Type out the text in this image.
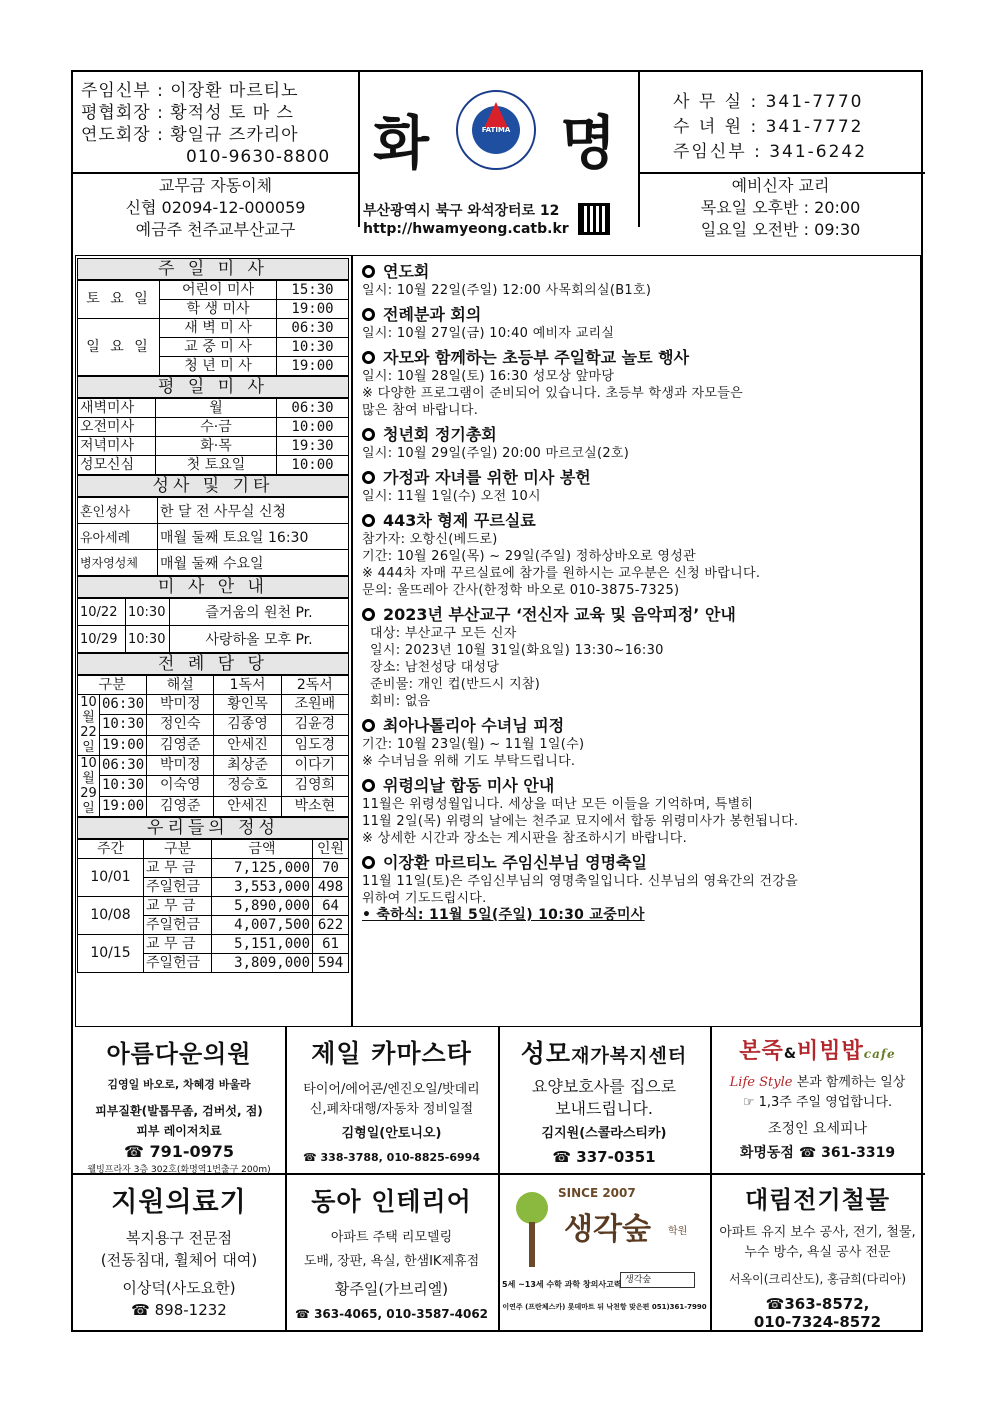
주임신부 : 이장환 마르티노
평협회장 : 황적성 토 마 스
연도회장 : 황일규 즈카리아
010-9630-8800 화	FATIMA 명
사 무 실 : 341-7770
수 녀 원 : 341-7772
주임신부 : 341-6242
교무금 자동이체
신협 02094-12-000059
예금주 천주교부산교구
부산광역시 북구 와석장터로 12
http://hwamyeong.catb.kr
예비신자 교리
목요일 오후반 : 20:00
일요일 오전반 : 09:30
주 일 미 사
토 요 일	어린이 미사	15:30
	학 생 미사	19:00
일 요 일	새 벽 미 사	06:30
	교 중 미 사	10:30
	청 년 미 사	19:00
평 일 미 사
새벽미사	월	06:30
오전미사	수·금	10:00
저녁미사	화·목	19:30
성모신심	첫 토요일	10:00
성사 및 기타
혼인성사	한 달 전 사무실 신청
유아세례	매월 둘째 토요일 16:30
병자영성체	매월 둘째 수요일
미 사 안 내
10/22	10:30	즐거움의 원천 Pr.
10/29	10:30	사랑하올 모후 Pr.
전 례 담 당
구분		해설	1독서	2독서
10월22일	06:30	박미정	황인목	조원배
	10:30	정인숙	김종영	김윤경
	19:00	김영준	안세진	임도경
10월29일	06:30	박미정	최상준	이다기
	10:30	이숙영	정승호	김영희
	19:00	김영준	안세진	박소현
우리들의 정성
주간	구분	금액	인원
10/01	교 무 금	7,125,000	70
	주일헌금	3,553,000	498
10/08	교 무 금	5,890,000	64
	주일헌금	4,007,500	622
10/15	교 무 금	5,151,000	61
	주일헌금	3,809,000	594
연도회

일시: 10월 22일(주일) 12:00 사목회의실(B1호)

전례분과 회의

일시: 10월 27일(금) 10:40 예비자 교리실

자모와 함께하는 초등부 주일학교 놀토 행사

일시: 10월 28일(토) 16:30 성모상 앞마당

※ 다양한 프로그램이 준비되어 있습니다. 초등부 학생과 자모들은

많은 참여 바랍니다.

청년회 정기총회

일시: 10월 29일(주일) 20:00 마르코실(2호)

가정과 자녀를 위한 미사 봉헌

일시: 11월 1일(수) 오전 10시

443차 형제 꾸르실료

참가자: 오항신(베드로)

기간: 10월 26일(목) ~ 29일(주일) 정하상바오로 영성관

※ 444차 자매 꾸르실료에 참가를 원하시는 교우분은 신청 바랍니다.

문의: 울뜨레아 간사(한정학 바오로 010-3875-7325)

2023년 부산교구 ‘전신자 교육 및 음악피정’ 안내

대상: 부산교구 모든 신자

일시: 2023년 10월 31일(화요일) 13:30~16:30

장소: 남천성당 대성당

준비물: 개인 컵(반드시 지참)

회비: 없음

최아나톨리아 수녀님 피정

기간: 10월 23일(월) ~ 11월 1일(수)

※ 수녀님을 위해 기도 부탁드립니다.

위령의날 합동 미사 안내

11월은 위령성월입니다. 세상을 떠난 모든 이들을 기억하며, 특별히

11월 2일(목) 위령의 날에는 천주교 묘지에서 합동 위령미사가 봉헌됩니다.

※ 상세한 시간과 장소는 게시판을 참조하시기 바랍니다.

이장환 마르티노 주임신부님 영명축일

11월 11일(토)은 주임신부님의 영명축일입니다. 신부님의 영육간의 건강을

위하여 기도드립시다.

• 축하식: 11월 5일(주일) 10:30 교중미사

아름다운의원
김영일 바오로, 차혜경 바울라
피부질환(발톱무좀, 검버섯, 점)
피부 레이저치료
☎ 791-0975
웰빙프라자 3층 302호(화명역1번출구 200m)
제일 카마스타
타이어/에어콘/엔진오일/밧데리
신,폐차대행/자동차 정비일절
김형일(안토니오)
☎ 338-3788, 010-8825-6994
성모재가복지센터
요양보호사를 집으로
보내드립니다.
김지원(스콜라스티카)
☎ 337-0351
본죽&비빔밥cafe
Life Style 본과 함께하는 일상
☞ 1,3주 주일 영업합니다.
조정인 요세피나
화명동점 ☎ 361-3319
지원의료기
복지용구 전문점
(전동침대, 휠체어 대여)
이상덕(사도요한)
☎ 898-1232
동아 인테리어
아파트 주택 리모델링
도배, 장판, 욕실, 한샘IK제휴점
황주일(가브리엘)
☎ 363-4065, 010-3587-4062
SINCE 2007
생각숲 학원
5세 ~13세 수학 과학 창의사고력 생각숲
이연주 (프란체스카) 롯데마트 뒤 낙천항 맞은편 051)361-7990
대림전기철물
아파트 유지 보수 공사, 전기, 철물,
누수 방수, 욕실 공사 전문
서옥이(크리산도), 홍금희(다리아)
☎363-8572,
010-7324-8572
